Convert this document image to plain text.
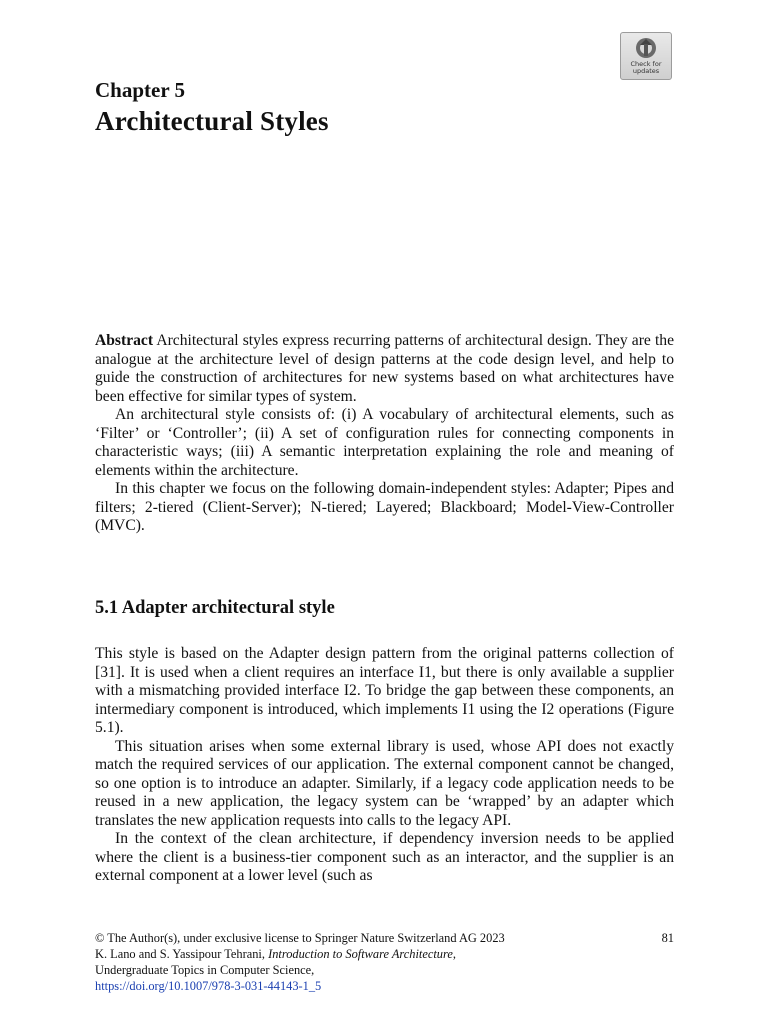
Check for
updates
Chapter 5
Architectural Styles

Abstract Architectural styles express recurring patterns of architectural design. They are the analogue at the architecture level of design patterns at the code design level, and help to guide the construction of architectures for new systems based on what architectures have been effective for similar types of system.

An architectural style consists of: (i) A vocabulary of architectural elements, such as ‘Filter’ or ‘Controller’; (ii) A set of configuration rules for connecting components in characteristic ways; (iii) A semantic interpretation explaining the role and meaning of elements within the architecture.

In this chapter we focus on the following domain-independent styles: Adapter; Pipes and filters; 2-tiered (Client-Server); N-tiered; Layered; Blackboard; Model-View-Controller (MVC).

5.1 Adapter architectural style

This style is based on the Adapter design pattern from the original patterns collection of [31]. It is used when a client requires an interface I1, but there is only available a supplier with a mismatching provided interface I2. To bridge the gap between these components, an intermediary component is introduced, which implements I1 using the I2 operations (Figure 5.1).

This situation arises when some external library is used, whose API does not exactly match the required services of our application. The external component cannot be changed, so one option is to introduce an adapter. Similarly, if a legacy code application needs to be reused in a new application, the legacy system can be ‘wrapped’ by an adapter which translates the new application requests into calls to the legacy API.

In the context of the clean architecture, if dependency inversion needs to be applied where the client is a business-tier component such as an interactor, and the supplier is an external component at a lower level (such as

© The Author(s), under exclusive license to Springer Nature Switzerland AG 2023	81
K. Lano and S. Yassipour Tehrani, Introduction to Software Architecture,
Undergraduate Topics in Computer Science,
https://doi.org/10.1007/978-3-031-44143-1_5
